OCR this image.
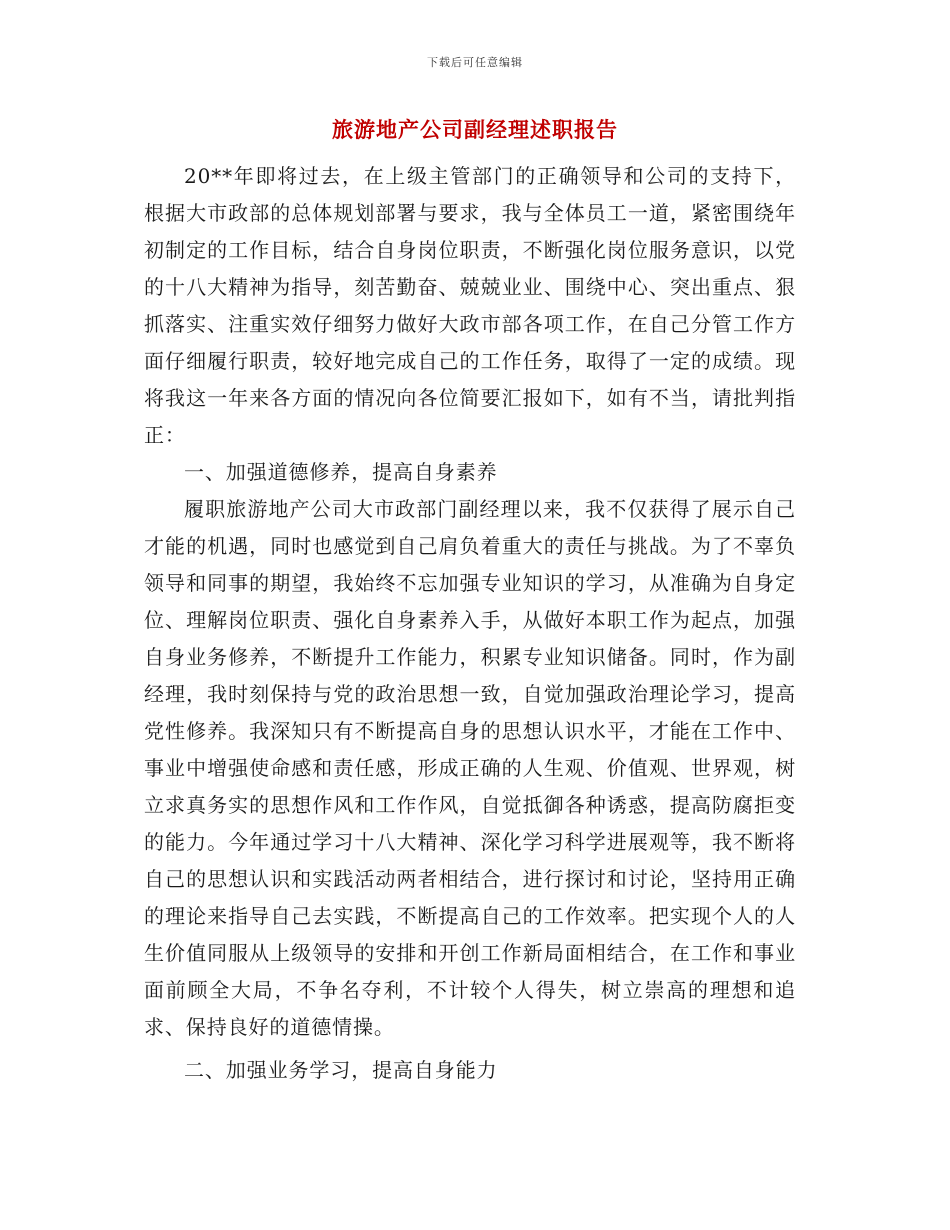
下载后可任意编辑
旅游地产公司副经理述职报告

20**年即将过去，在上级主管部门的正确领导和公司的支持下，根据大市政部的总体规划部署与要求，我与全体员工一道，紧密围绕年初制定的工作目标，结合自身岗位职责，不断强化岗位服务意识，以党的十八大精神为指导，刻苦勤奋、兢兢业业、围绕中心、突出重点、狠抓落实、注重实效仔细努力做好大政市部各项工作，在自己分管工作方面仔细履行职责，较好地完成自己的工作任务，取得了一定的成绩。现将我这一年来各方面的情况向各位简要汇报如下，如有不当，请批判指正：

一、加强道德修养，提高自身素养

履职旅游地产公司大市政部门副经理以来，我不仅获得了展示自己才能的机遇，同时也感觉到自己肩负着重大的责任与挑战。为了不辜负领导和同事的期望，我始终不忘加强专业知识的学习，从准确为自身定位、理解岗位职责、强化自身素养入手，从做好本职工作为起点，加强自身业务修养，不断提升工作能力，积累专业知识储备。同时，作为副经理，我时刻保持与党的政治思想一致，自觉加强政治理论学习，提高党性修养。我深知只有不断提高自身的思想认识水平，才能在工作中、事业中增强使命感和责任感，形成正确的人生观、价值观、世界观，树立求真务实的思想作风和工作作风，自觉抵御各种诱惑，提高防腐拒变的能力。今年通过学习十八大精神、深化学习科学进展观等，我不断将自己的思想认识和实践活动两者相结合，进行探讨和讨论，坚持用正确的理论来指导自己去实践，不断提高自己的工作效率。把实现个人的人生价值同服从上级领导的安排和开创工作新局面相结合，在工作和事业面前顾全大局，不争名夺利，不计较个人得失，树立崇高的理想和追求、保持良好的道德情操。

二、加强业务学习，提高自身能力
